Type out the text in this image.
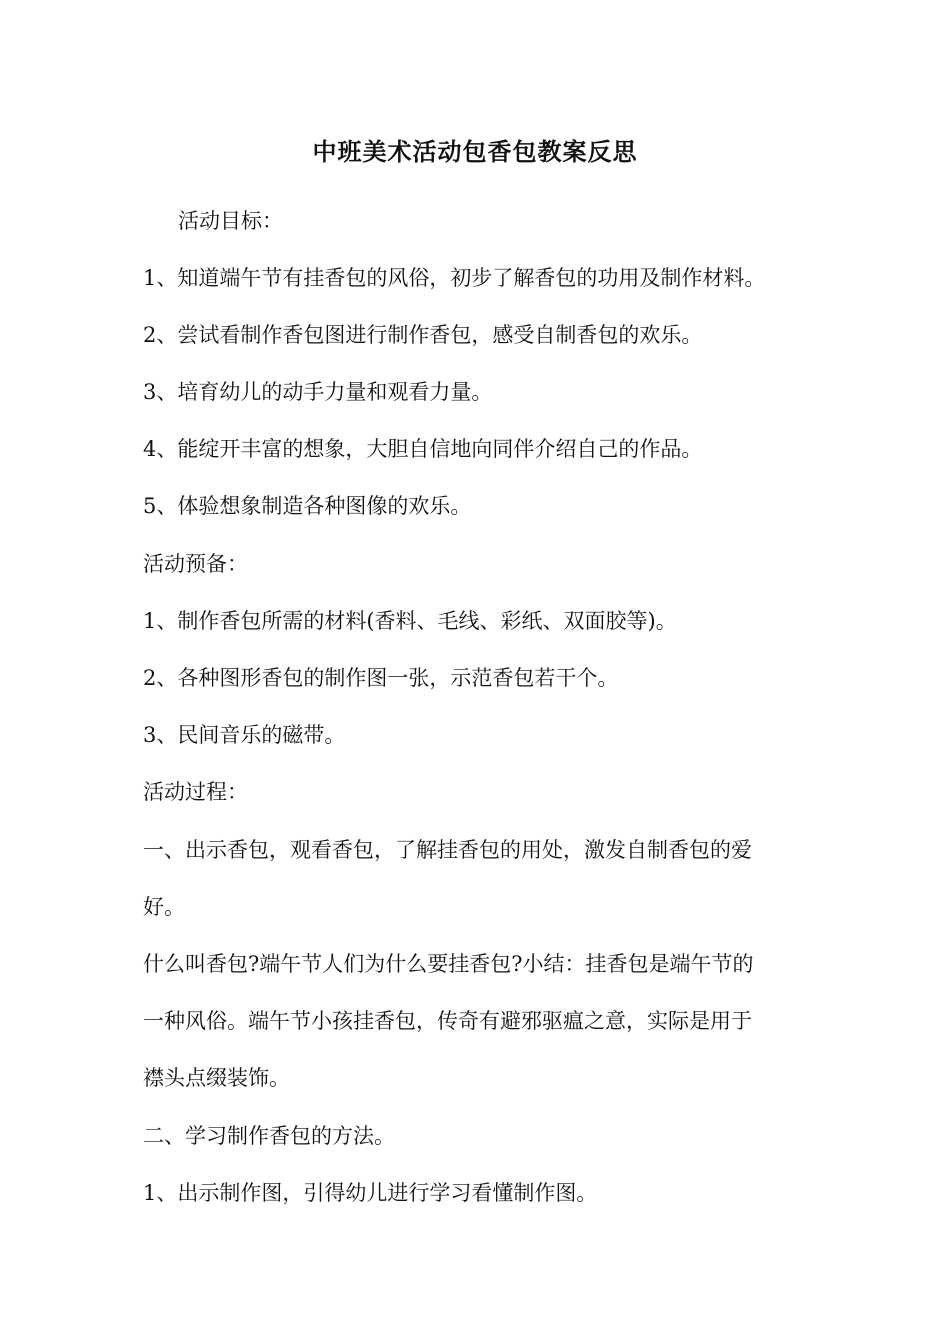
中班美术活动包香包教案反思
活动目标：
1、知道端午节有挂香包的风俗，初步了解香包的功用及制作材料。
2、尝试看制作香包图进行制作香包，感受自制香包的欢乐。
3、培育幼儿的动手力量和观看力量。
4、能绽开丰富的想象，大胆自信地向同伴介绍自己的作品。
5、体验想象制造各种图像的欢乐。
活动预备：
1、制作香包所需的材料(香料、毛线、彩纸、双面胶等)。
2、各种图形香包的制作图一张，示范香包若干个。
3、民间音乐的磁带。
活动过程：
一、出示香包，观看香包，了解挂香包的用处，激发自制香包的爱
好。
什么叫香包?端午节人们为什么要挂香包?小结：挂香包是端午节的
一种风俗。端午节小孩挂香包，传奇有避邪驱瘟之意，实际是用于
襟头点缀装饰。
二、学习制作香包的方法。
1、出示制作图，引得幼儿进行学习看懂制作图。
